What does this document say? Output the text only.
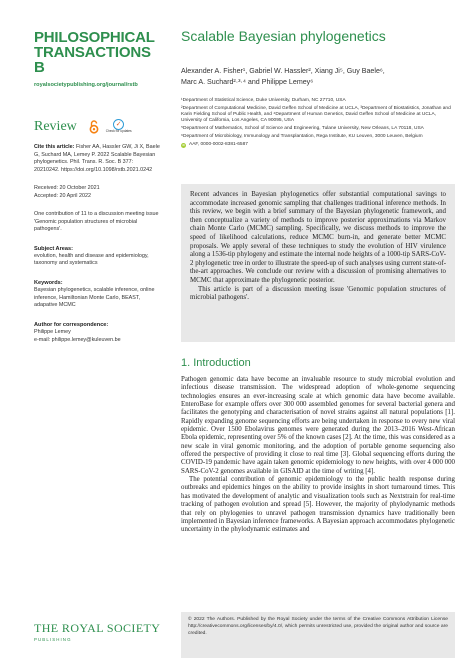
PHILOSOPHICAL
TRANSACTIONS B
royalsocietypublishing.org/journal/rstb
Review	✓
Check for updates
Cite this article: Fisher AA, Hassler GW, Ji X, Baele G, Suchard MA, Lemey P. 2022 Scalable Bayesian phylogenetics. Phil. Trans. R. Soc. B 377: 20210242. https://doi.org/10.1098/rstb.2021.0242
Received: 20 October 2021
Accepted: 20 April 2022
One contribution of 11 to a discussion meeting issue 'Genomic population structures of microbial pathogens'.
Subject Areas:
evolution, health and disease and epidemiology, taxonomy and systematics
Keywords:
Bayesian phylogenetics, scalable inference, online inference, Hamiltonian Monte Carlo, BEAST, adapative MCMC
Author for correspondence:
Philippe Lemey
e-mail: philippe.lemey@kuleuven.be
THE ROYAL SOCIETY
PUBLISHING
Scalable Bayesian phylogenetics
Alexander A. Fisher¹, Gabriel W. Hassler², Xiang Ji⁵, Guy Baele⁶,
Marc A. Suchard²·³·⁴ and Philippe Lemey⁶
¹Department of Statistical Science, Duke University, Durham, NC 27710, USA
²Department of Computational Medicine, David Geffen School of Medicine at UCLA, ³Department of Biostatistics, Jonathan and Karin Fielding School of Public Health, and ⁴Department of Human Genetics, David Geffen School of Medicine at UCLA, University of California, Los Angeles, CA 90095, USA
⁵Department of Mathematics, School of Science and Engineering, Tulane University, New Orleans, LA 70118, USA
⁶Department of Microbiology, Immunology and Transplantation, Rega Institute, KU Leuven, 3000 Leuven, Belgium
iD AAF, 0000-0002-8381-6587

Recent advances in Bayesian phylogenetics offer substantial computational savings to accommodate increased genomic sampling that challenges traditional inference methods. In this review, we begin with a brief summary of the Bayesian phylogenetic framework, and then conceptualize a variety of methods to improve posterior approximations via Markov chain Monte Carlo (MCMC) sampling. Specifically, we discuss methods to improve the speed of likelihood calculations, reduce MCMC burn-in, and generate better MCMC proposals. We apply several of these techniques to study the evolution of HIV virulence along a 1536-tip phylogeny and estimate the internal node heights of a 1000-tip SARS-CoV-2 phylogenetic tree in order to illustrate the speed-up of such analyses using current state-of-the-art approaches. We conclude our review with a discussion of promising alternatives to MCMC that approximate the phylogenetic posterior.

This article is part of a discussion meeting issue 'Genomic population structures of microbial pathogens'.

1. Introduction

Pathogen genomic data have become an invaluable resource to study microbial evolution and infectious disease transmission. The widespread adoption of whole-genome sequencing technologies ensures an ever-increasing scale at which genomic data have become available. EnteroBase for example offers over 300 000 assembled genomes for several bacterial genera and facilitates the genotyping and characterisation of novel strains against all natural populations [1]. Rapidly expanding genome sequencing efforts are being undertaken in response to every new viral epidemic. Over 1500 Ebolavirus genomes were generated during the 2013–2016 West-African Ebola epidemic, representing over 5% of the known cases [2]. At the time, this was considered as a new scale in viral genomic monitoring, and the adoption of portable genome sequencing also offered the perspective of providing it close to real time [3]. Global sequencing efforts during the COVID-19 pandemic have again taken genomic epidemiology to new heights, with over 4 000 000 SARS-CoV-2 genomes available in GISAID at the time of writing [4].

The potential contribution of genomic epidemiology to the public health response during outbreaks and epidemics hinges on the ability to provide insights in short turnaround times. This has motivated the development of analytic and visualization tools such as Nextstrain for real-time tracking of pathogen evolution and spread [5]. However, the majority of phylodynamic methods that rely on phylogenies to unravel pathogen transmission dynamics have traditionally been implemented in Bayesian inference frameworks. A Bayesian approach accommodates phylogenetic uncertainty in the phylodynamic estimates and

© 2022 The Authors. Published by the Royal Society under the terms of the Creative Commons Attribution License http://creativecommons.org/licenses/by/4.0/, which permits unrestricted use, provided the original author and source are credited.
